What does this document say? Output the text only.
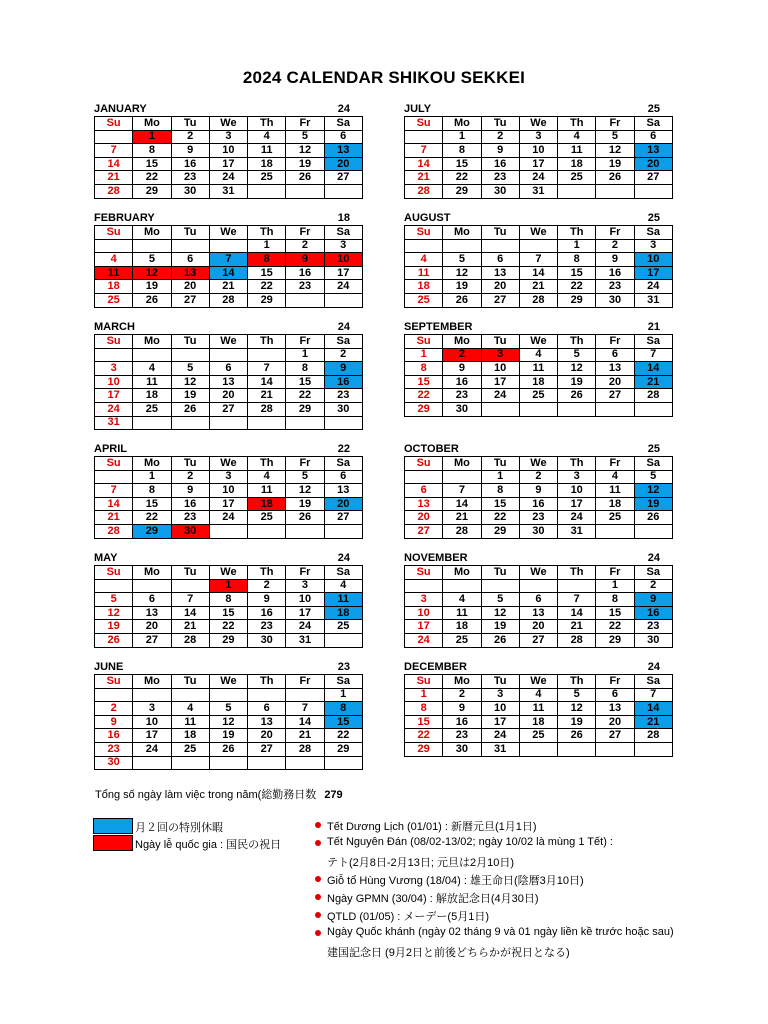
2024 CALENDAR SHIKOU SEKKEI
JANUARY	24
Su	Mo	Tu	We	Th	Fr	Sa
	1	2	3	4	5	6
7	8	9	10	11	12	13
14	15	16	17	18	19	20
21	22	23	24	25	26	27
28	29	30	31			
JULY	25
Su	Mo	Tu	We	Th	Fr	Sa
	1	2	3	4	5	6
7	8	9	10	11	12	13
14	15	16	17	18	19	20
21	22	23	24	25	26	27
28	29	30	31			
FEBRUARY	18
Su	Mo	Tu	We	Th	Fr	Sa
				1	2	3
4	5	6	7	8	9	10
11	12	13	14	15	16	17
18	19	20	21	22	23	24
25	26	27	28	29		
AUGUST	25
Su	Mo	Tu	We	Th	Fr	Sa
				1	2	3
4	5	6	7	8	9	10
11	12	13	14	15	16	17
18	19	20	21	22	23	24
25	26	27	28	29	30	31
MARCH	24
Su	Mo	Tu	We	Th	Fr	Sa
					1	2
3	4	5	6	7	8	9
10	11	12	13	14	15	16
17	18	19	20	21	22	23
24	25	26	27	28	29	30
31						
SEPTEMBER	21
Su	Mo	Tu	We	Th	Fr	Sa
1	2	3	4	5	6	7
8	9	10	11	12	13	14
15	16	17	18	19	20	21
22	23	24	25	26	27	28
29	30					
APRIL	22
Su	Mo	Tu	We	Th	Fr	Sa
	1	2	3	4	5	6
7	8	9	10	11	12	13
14	15	16	17	18	19	20
21	22	23	24	25	26	27
28	29	30				
OCTOBER	25
Su	Mo	Tu	We	Th	Fr	Sa
		1	2	3	4	5
6	7	8	9	10	11	12
13	14	15	16	17	18	19
20	21	22	23	24	25	26
27	28	29	30	31		
MAY	24
Su	Mo	Tu	We	Th	Fr	Sa
			1	2	3	4
5	6	7	8	9	10	11
12	13	14	15	16	17	18
19	20	21	22	23	24	25
26	27	28	29	30	31	
NOVEMBER	24
Su	Mo	Tu	We	Th	Fr	Sa
					1	2
3	4	5	6	7	8	9
10	11	12	13	14	15	16
17	18	19	20	21	22	23
24	25	26	27	28	29	30
JUNE	23
Su	Mo	Tu	We	Th	Fr	Sa
						1
2	3	4	5	6	7	8
9	10	11	12	13	14	15
16	17	18	19	20	21	22
23	24	25	26	27	28	29
30						
DECEMBER	24
Su	Mo	Tu	We	Th	Fr	Sa
1	2	3	4	5	6	7
8	9	10	11	12	13	14
15	16	17	18	19	20	21
22	23	24	25	26	27	28
29	30	31				
Tổng số ngày làm việc trong năm(総勤務日数 279
月２回の特別休暇
Ngày lễ quốc gia : 国民の祝日
Tết Dương Lịch (01/01) : 新暦元旦(1月1日)
Tết Nguyên Đán (08/02-13/02; ngày 10/02 là mùng 1 Tết) :
テト(2月8日-2月13日; 元旦は2月10日)
Giỗ tổ Hùng Vương (18/04) : 雄王命日(陰暦3月10日)
Ngày GPMN (30/04) : 解放記念日(4月30日)
QTLD (01/05) : メーデー(5月1日)
Ngày Quốc khánh (ngày 02 tháng 9 và 01 ngày liền kề trước hoặc sau)
建国記念日 (9月2日と前後どちらかが祝日となる)
